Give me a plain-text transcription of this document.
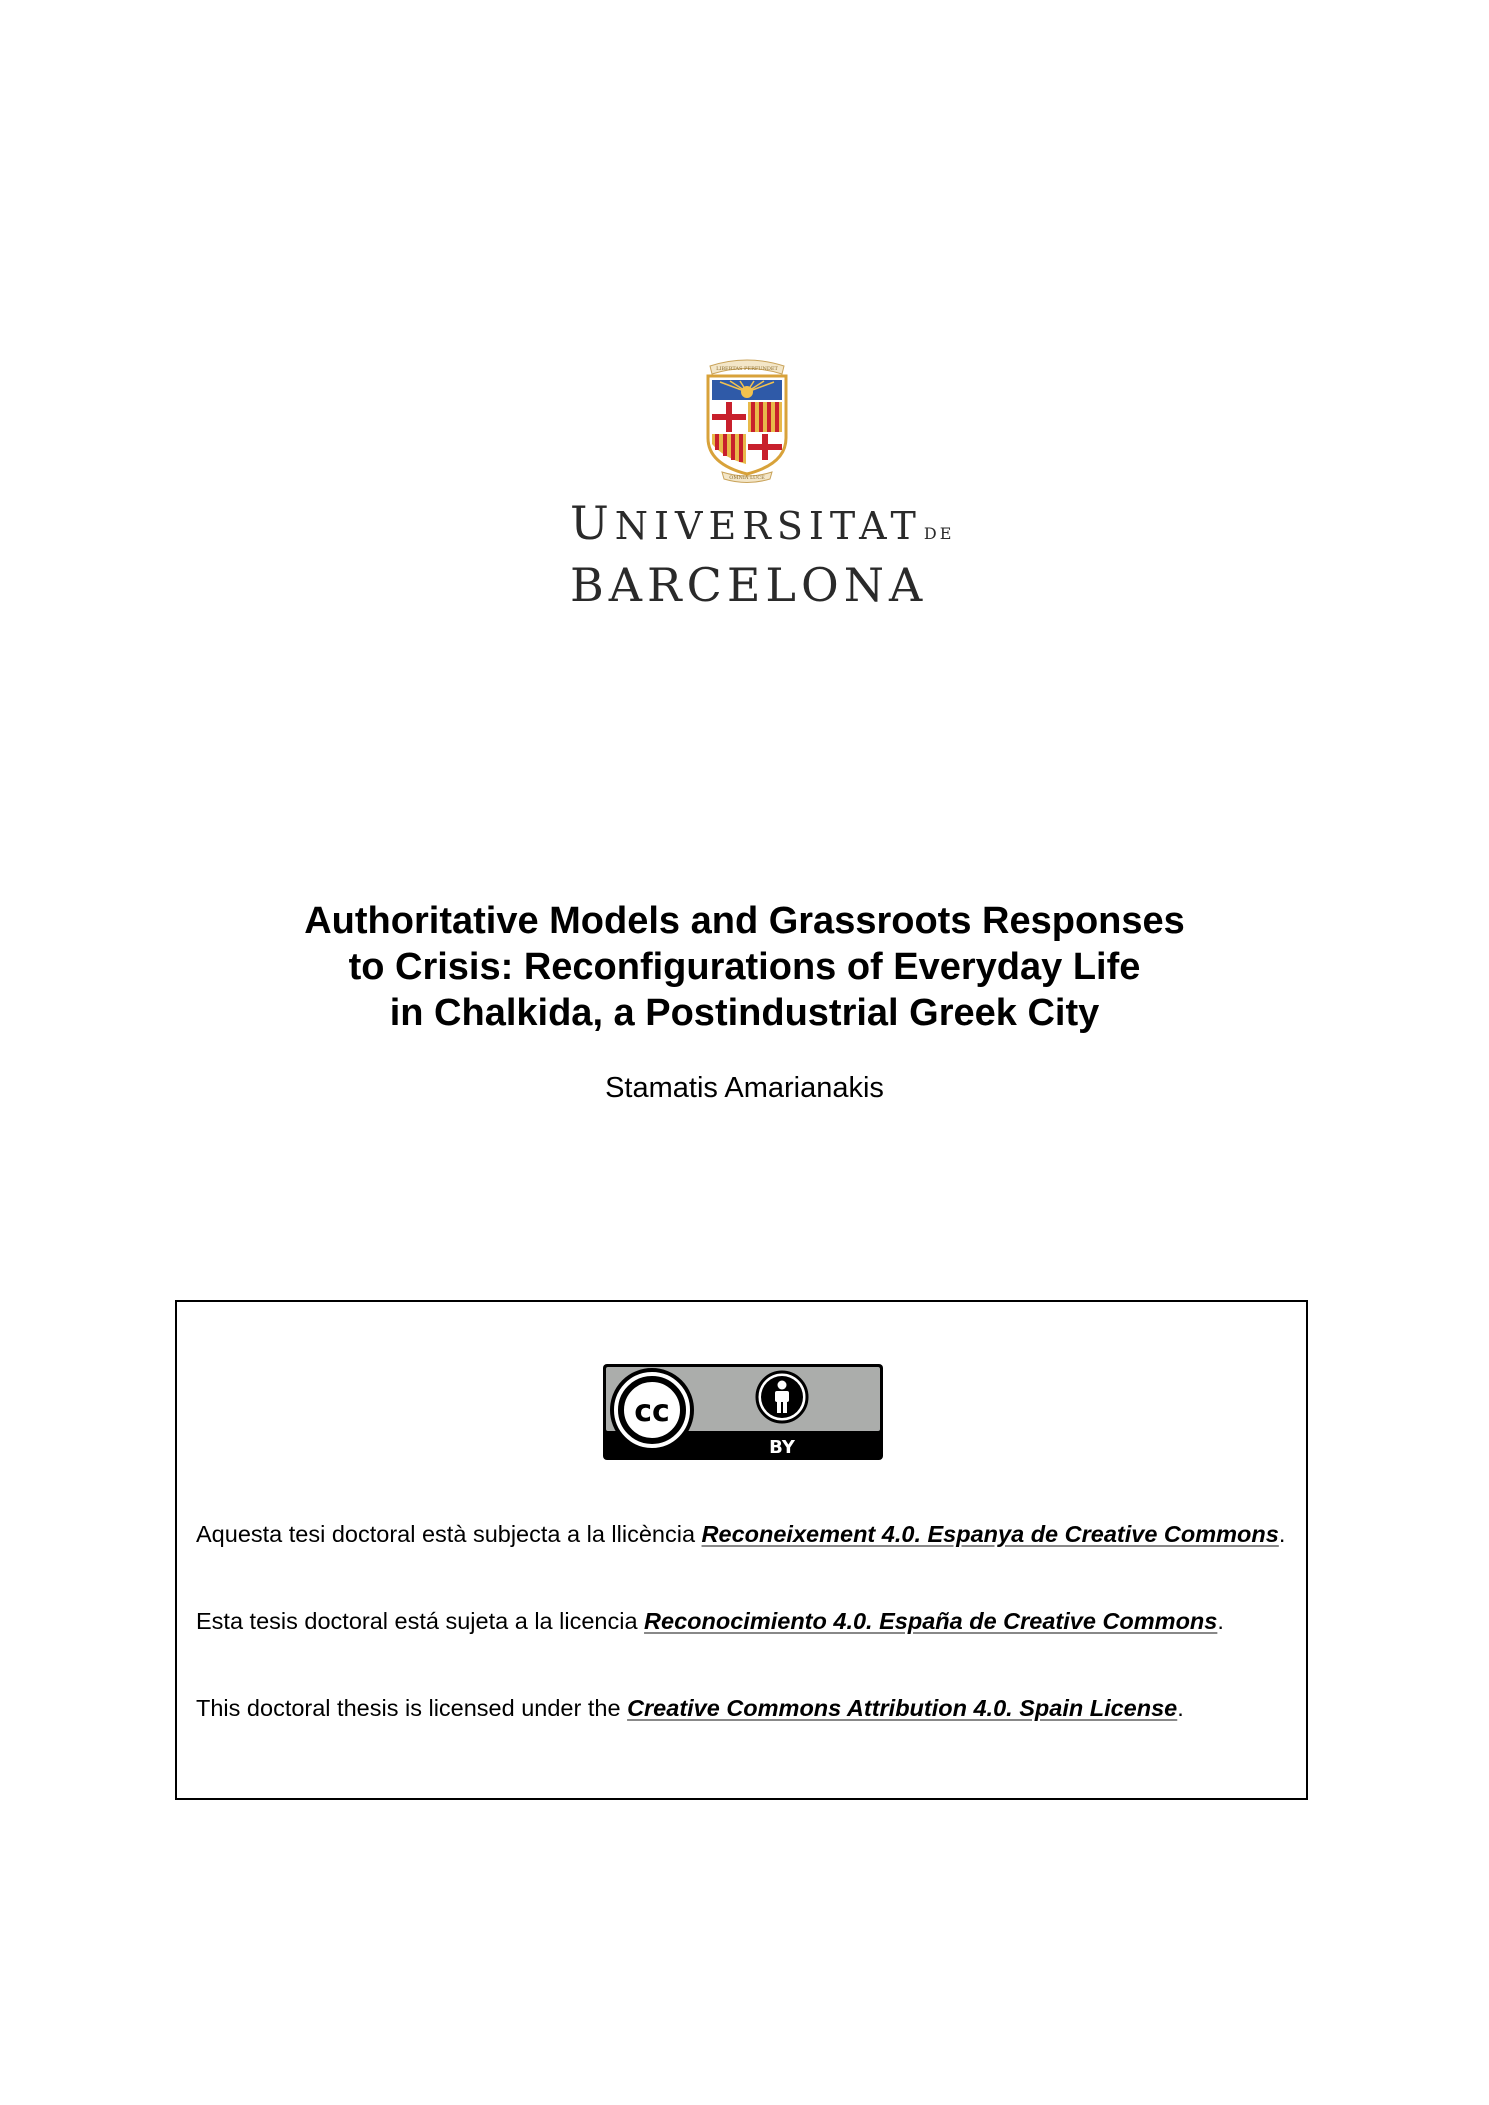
LIBERTAS PERFUNDET
OMNIA LUCE
UNIVERSITAT DE
BARCELONA
Authoritative Models and Grassroots Responses
to Crisis: Reconfigurations of Everyday Life
in Chalkida, a Postindustrial Greek City
Stamatis Amarianakis
cc
BY
Aquesta tesi doctoral està subjecta a la llicència Reconeixement 4.0. Espanya de Creative Commons.
Esta tesis doctoral está sujeta a la licencia Reconocimiento 4.0. España de Creative Commons.
This doctoral thesis is licensed under the Creative Commons Attribution 4.0. Spain License.
